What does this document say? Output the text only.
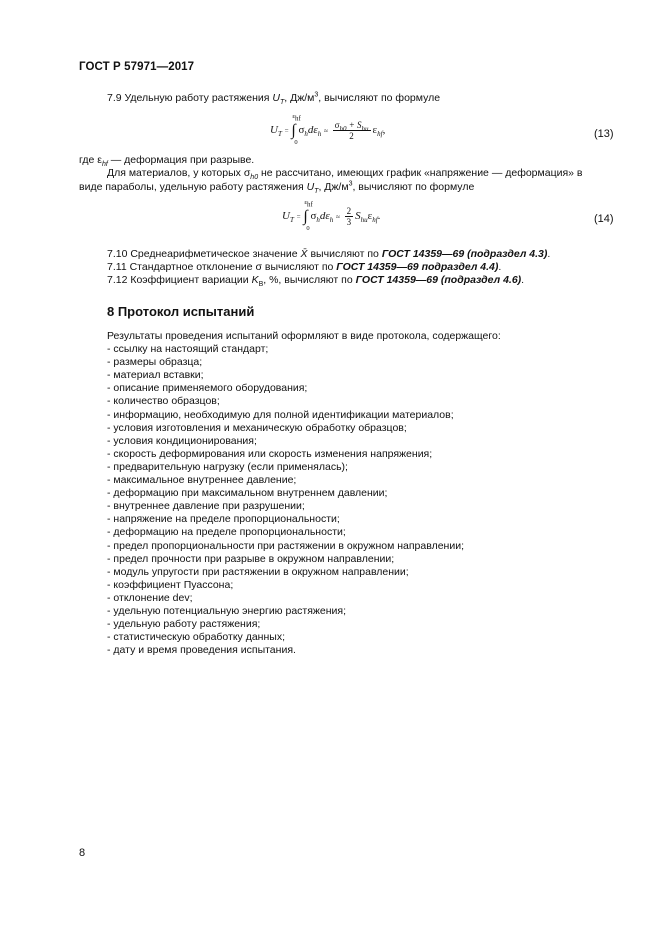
ГОСТ Р 57971—2017
7.9 Удельную работу растяжения $U_T$, $Дж/м^3$, вычисляют по формуле
$U_T$ = ∫
$\varepsilon_{hf}$
0
$\sigma_hd\varepsilon_h \approx \frac{\sigma_{h0} + S_{hu}}{2} \varepsilon_{hf}$,	(13)
где $\varepsilon_{hf}$ — деформация при разрыве.
Для материалов, у которых $\sigma_{h0}$ не рассчитано, имеющих график «напряжение — деформация» в
виде параболы, удельную работу растяжения $U_T$, $Дж/м^3$, вычисляют по формуле
$U_T$ = ∫
$\varepsilon_{hf}$
0
$\sigma_hd\varepsilon_h \approx \frac{2}{3} S_{hu}\varepsilon_{hf}$.	(14)
7.10 Среднеарифметическое значение X̄ вычисляют по ГОСТ 14359—69 (подраздел 4.3).
7.11 Стандартное отклонение σ вычисляют по ГОСТ 14359—69 подраздел 4.4).
7.12 Коэффициент вариации $K_B$, %, вычисляют по ГОСТ 14359—69 (подраздел 4.6).
8 Протокол испытаний
Результаты проведения испытаний оформляют в виде протокола, содержащего:
- ссылку на настоящий стандарт;
- размеры образца;
- материал вставки;
- описание применяемого оборудования;
- количество образцов;
- информацию, необходимую для полной идентификации материалов;
- условия изготовления и механическую обработку образцов;
- условия кондиционирования;
- скорость деформирования или скорость изменения напряжения;
- предварительную нагрузку (если применялась);
- максимальное внутреннее давление;
- деформацию при максимальном внутреннем давлении;
- внутреннее давление при разрушении;
- напряжение на пределе пропорциональности;
- деформацию на пределе пропорциональности;
- предел пропорциональности при растяжении в окружном направлении;
- предел прочности при разрыве в окружном направлении;
- модуль упругости при растяжении в окружном направлении;
- коэффициент Пуассона;
- отклонение dev;
- удельную потенциальную энергию растяжения;
- удельную работу растяжения;
- статистическую обработку данных;
- дату и время проведения испытания.
8
